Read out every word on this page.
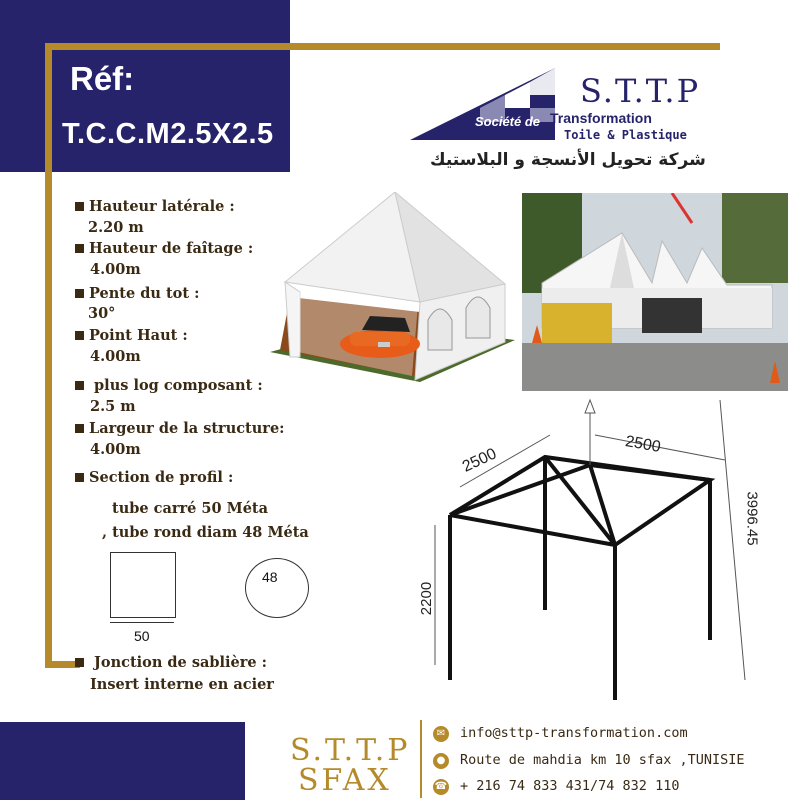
Réf:
T.C.C.M2.5X2.5
S.T.T.P
Société de Transformation
Toile & Plastique
شركة تحويل الأنسجة و البلاستيك
Hauteur latérale :
2.20 m
Hauteur de faîtage :
4.00m
Pente du tot :
30°
Point Haut :
4.00m
plus log composant :
2.5 m
Largeur de la structure:
4.00m
Section de profil :
tube carré 50 Méta
, tube rond diam 48 Méta
50
48
Jonction de sablière :
Insert interne en acier
2500
2500
2200
3996.45
S.T.T.P
SFAX
✉ info@sttp-transformation.com
● Route de mahdia km 10 sfax ,TUNISIE
☎ + 216 74 833 431/74 832 110
